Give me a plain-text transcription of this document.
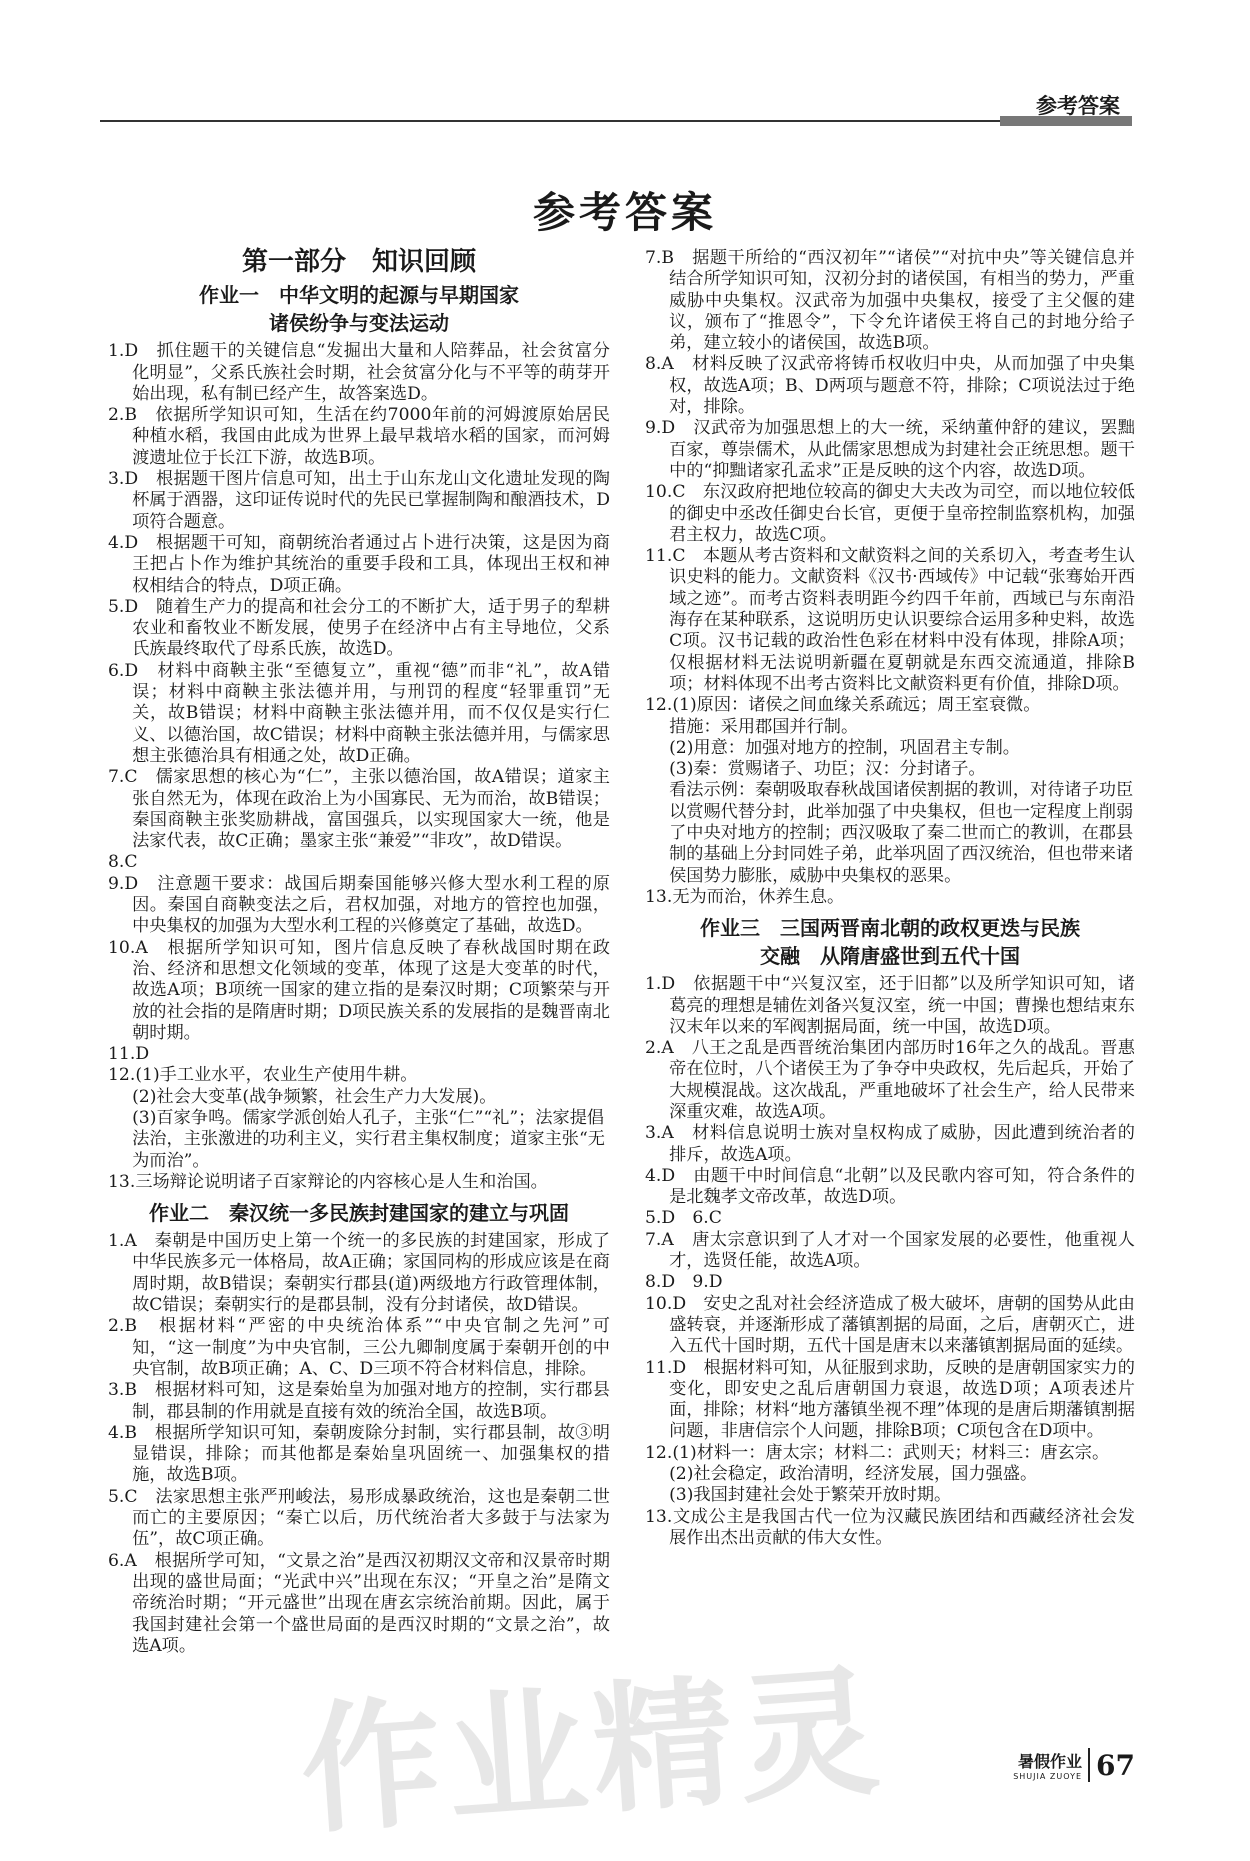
参考答案
参考答案
第一部分　知识回顾
作业一　中华文明的起源与早期国家
诸侯纷争与变法运动

1.D　抓住题干的关键信息“发掘出大量和人陪葬品，社会贫富分化明显”，父系氏族社会时期，社会贫富分化与不平等的萌芽开始出现，私有制已经产生，故答案选D。

2.B　依据所学知识可知，生活在约7000年前的河姆渡原始居民种植水稻，我国由此成为世界上最早栽培水稻的国家，而河姆渡遗址位于长江下游，故选B项。

3.D　根据题干图片信息可知，出土于山东龙山文化遗址发现的陶杯属于酒器，这印证传说时代的先民已掌握制陶和酿酒技术，D项符合题意。

4.D　根据题干可知，商朝统治者通过占卜进行决策，这是因为商王把占卜作为维护其统治的重要手段和工具，体现出王权和神权相结合的特点，D项正确。

5.D　随着生产力的提高和社会分工的不断扩大，适于男子的犁耕农业和畜牧业不断发展，使男子在经济中占有主导地位，父系氏族最终取代了母系氏族，故选D。

6.D　材料中商鞅主张“至德复立”，重视“德”而非“礼”，故A错误；材料中商鞅主张法德并用，与刑罚的程度“轻罪重罚”无关，故B错误；材料中商鞅主张法德并用，而不仅仅是实行仁义、以德治国，故C错误；材料中商鞅主张法德并用，与儒家思想主张德治具有相通之处，故D正确。

7.C　儒家思想的核心为“仁”，主张以德治国，故A错误；道家主张自然无为，体现在政治上为小国寡民、无为而治，故B错误；秦国商鞅主张奖励耕战，富国强兵，以实现国家大一统，他是法家代表，故C正确；墨家主张“兼爱”“非攻”，故D错误。

8.C

9.D　注意题干要求：战国后期秦国能够兴修大型水利工程的原因。秦国自商鞅变法之后，君权加强，对地方的管控也加强，中央集权的加强为大型水利工程的兴修奠定了基础，故选D。

10.A　根据所学知识可知，图片信息反映了春秋战国时期在政治、经济和思想文化领域的变革，体现了这是大变革的时代，故选A项；B项统一国家的建立指的是秦汉时期；C项繁荣与开放的社会指的是隋唐时期；D项民族关系的发展指的是魏晋南北朝时期。

11.D

12.(1)手工业水平，农业生产使用牛耕。

(2)社会大变革(战争频繁，社会生产力大发展)。

(3)百家争鸣。儒家学派创始人孔子，主张“仁”“礼”；法家提倡法治，主张激进的功利主义，实行君主集权制度；道家主张“无为而治”。

13.三场辩论说明诸子百家辩论的内容核心是人生和治国。

作业二　秦汉统一多民族封建国家的建立与巩固

1.A　秦朝是中国历史上第一个统一的多民族的封建国家，形成了中华民族多元一体格局，故A正确；家国同构的形成应该是在商周时期，故B错误；秦朝实行郡县(道)两级地方行政管理体制，故C错误；秦朝实行的是郡县制，没有分封诸侯，故D错误。

2.B　根据材料“严密的中央统治体系”“中央官制之先河”可知，“这一制度”为中央官制，三公九卿制度属于秦朝开创的中央官制，故B项正确；A、C、D三项不符合材料信息，排除。

3.B　根据材料可知，这是秦始皇为加强对地方的控制，实行郡县制，郡县制的作用就是直接有效的统治全国，故选B项。

4.B　根据所学知识可知，秦朝废除分封制，实行郡县制，故③明显错误，排除；而其他都是秦始皇巩固统一、加强集权的措施，故选B项。

5.C　法家思想主张严刑峻法，易形成暴政统治，这也是秦朝二世而亡的主要原因；“秦亡以后，历代统治者大多鼓于与法家为伍”，故C项正确。

6.A　根据所学可知，“文景之治”是西汉初期汉文帝和汉景帝时期出现的盛世局面；“光武中兴”出现在东汉；“开皇之治”是隋文帝统治时期；“开元盛世”出现在唐玄宗统治前期。因此，属于我国封建社会第一个盛世局面的是西汉时期的“文景之治”，故选A项。

7.B　据题干所给的“西汉初年”“诸侯”“对抗中央”等关键信息并结合所学知识可知，汉初分封的诸侯国，有相当的势力，严重威胁中央集权。汉武帝为加强中央集权，接受了主父偃的建议，颁布了“推恩令”，下令允许诸侯王将自己的封地分给子弟，建立较小的诸侯国，故选B项。

8.A　材料反映了汉武帝将铸币权收归中央，从而加强了中央集权，故选A项；B、D两项与题意不符，排除；C项说法过于绝对，排除。

9.D　汉武帝为加强思想上的大一统，采纳董仲舒的建议，罢黜百家，尊崇儒术，从此儒家思想成为封建社会正统思想。题干中的“抑黜诸家孔孟求”正是反映的这个内容，故选D项。

10.C　东汉政府把地位较高的御史大夫改为司空，而以地位较低的御史中丞改任御史台长官，更便于皇帝控制监察机构，加强君主权力，故选C项。

11.C　本题从考古资料和文献资料之间的关系切入，考查考生认识史料的能力。文献资料《汉书·西域传》中记载“张骞始开西域之迹”。而考古资料表明距今约四千年前，西域已与东南沿海存在某种联系，这说明历史认识要综合运用多种史料，故选C项。汉书记载的政治性色彩在材料中没有体现，排除A项；仅根据材料无法说明新疆在夏朝就是东西交流通道，排除B项；材料体现不出考古资料比文献资料更有价值，排除D项。

12.(1)原因：诸侯之间血缘关系疏远；周王室衰微。

措施：采用郡国并行制。

(2)用意：加强对地方的控制，巩固君主专制。

(3)秦：赏赐诸子、功臣；汉：分封诸子。

看法示例：秦朝吸取春秋战国诸侯割据的教训，对待诸子功臣以赏赐代替分封，此举加强了中央集权，但也一定程度上削弱了中央对地方的控制；西汉吸取了秦二世而亡的教训，在郡县制的基础上分封同姓子弟，此举巩固了西汉统治，但也带来诸侯国势力膨胀，威胁中央集权的恶果。

13.无为而治，休养生息。

作业三　三国两晋南北朝的政权更迭与民族
交融　从隋唐盛世到五代十国

1.D　依据题干中“兴复汉室，还于旧都”以及所学知识可知，诸葛亮的理想是辅佐刘备兴复汉室，统一中国；曹操也想结束东汉末年以来的军阀割据局面，统一中国，故选D项。

2.A　八王之乱是西晋统治集团内部历时16年之久的战乱。晋惠帝在位时，八个诸侯王为了争夺中央政权，先后起兵，开始了大规模混战。这次战乱，严重地破坏了社会生产，给人民带来深重灾难，故选A项。

3.A　材料信息说明士族对皇权构成了威胁，因此遭到统治者的排斥，故选A项。

4.D　由题干中时间信息“北朝”以及民歌内容可知，符合条件的是北魏孝文帝改革，故选D项。

5.D　6.C

7.A　唐太宗意识到了人才对一个国家发展的必要性，他重视人才，选贤任能，故选A项。

8.D　9.D

10.D　安史之乱对社会经济造成了极大破坏，唐朝的国势从此由盛转衰，并逐渐形成了藩镇割据的局面，之后，唐朝灭亡，进入五代十国时期，五代十国是唐末以来藩镇割据局面的延续。

11.D　根据材料可知，从征服到求助，反映的是唐朝国家实力的变化，即安史之乱后唐朝国力衰退，故选D项；A项表述片面，排除；材料“地方藩镇坐视不理”体现的是唐后期藩镇割据问题，非唐信宗个人问题，排除B项；C项包含在D项中。

12.(1)材料一：唐太宗；材料二：武则天；材料三：唐玄宗。

(2)社会稳定，政治清明，经济发展，国力强盛。

(3)我国封建社会处于繁荣开放时期。

13.文成公主是我国古代一位为汉藏民族团结和西藏经济社会发展作出杰出贡献的伟大女性。

作业精灵	暑假作业
SHUJIA ZUOYE 67
